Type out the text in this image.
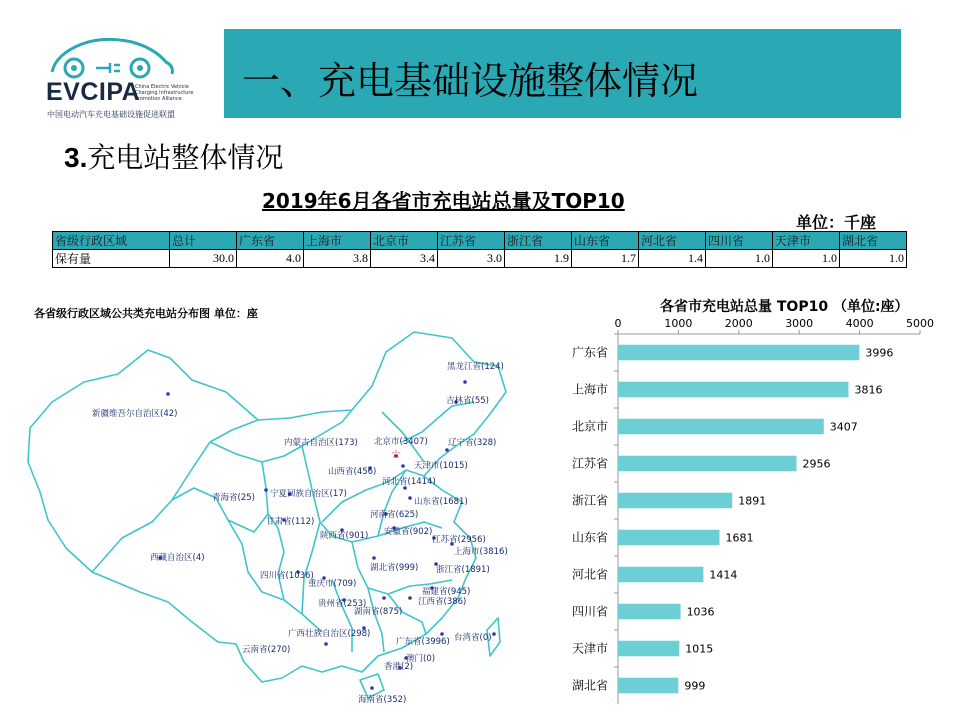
EVCIPA
China Electric Vehicle
Charging Infrastructure
Promotion Alliance
中国电动汽车充电基础设施促进联盟
一、充电基础设施整体情况
3.充电站整体情况
2019年6月各省市充电站总量及TOP10
单位：千座
省级行政区域	总计	广东省	上海市	北京市	江苏省	浙江省	山东省	河北省	四川省	天津市	湖北省
保有量	30.0	4.0	3.8	3.4	3.0	1.9	1.7	1.4	1.0	1.0	1.0
各省级行政区域公共类充电站分布图 单位：座
☆
黑龙江省(124)
吉林省(55)
新疆维吾尔自治区(42)
内蒙古自治区(173) 北京市(3407) 辽宁省(328)
天津市(1015)
山西省(456)
河北省(1414)
青海省(25) 宁夏回族自治区(17)
山东省(1681)
甘肃省(112)
河南省(625)
陕西省(901) 安徽省(902)
江苏省(2956)
上海市(3816)
西藏自治区(4)
湖北省(999) 浙江省(1891)
四川省(1036)
重庆市(709)
福建省(945)
贵州省(253)
湖南省(875)
江西省(386)
广西壮族自治区(298)
广东省(3996) 台湾省(0)
云南省(270)
澳门(0)
香港(2)
海南省(352)
各省市充电站总量 TOP10 （单位:座）
0	1000	2000	3000	4000	5000
广东省	3996
上海市	3816
北京市	3407
江苏省	2956
浙江省	1891
山东省	1681
河北省	1414
四川省	1036
天津市	1015
湖北省	999
